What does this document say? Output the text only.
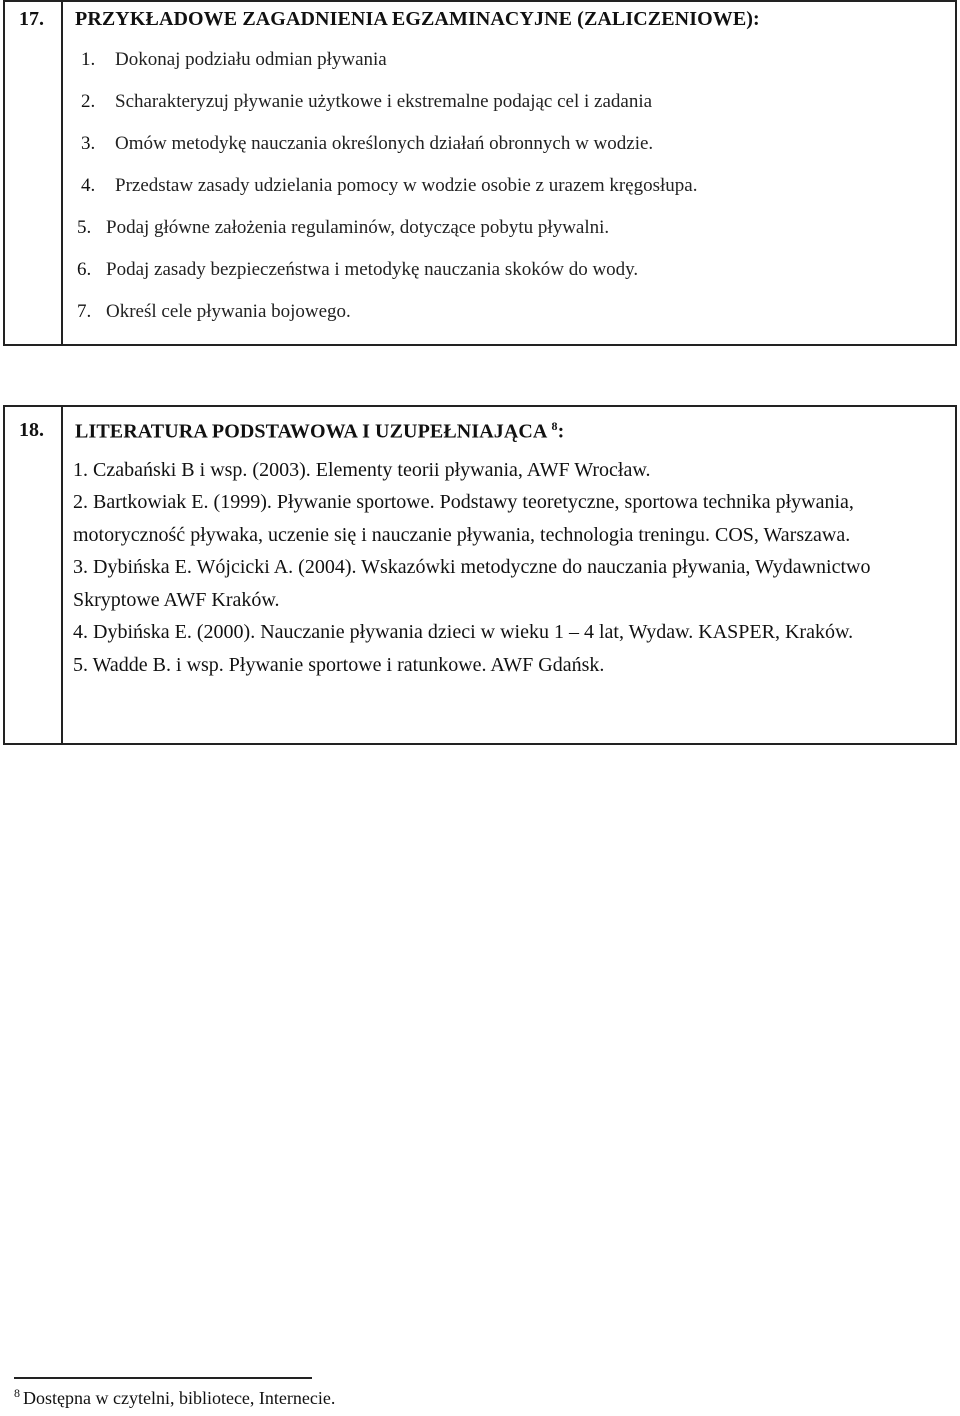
17.	PRZYKŁADOWE ZAGADNIENIA EGZAMINACYJNE (ZALICZENIOWE):
1. Dokonaj podziału odmian pływania
2. Scharakteryzuj pływanie użytkowe i ekstremalne podając cel i zadania
3. Omów metodykę nauczania określonych działań obronnych w wodzie.
4. Przedstaw zasady udzielania pomocy w wodzie osobie z urazem kręgosłupa.
5. Podaj główne założenia regulaminów, dotyczące pobytu pływalni.
6. Podaj zasady bezpieczeństwa i metodykę nauczania skoków do wody.
7. Określ cele pływania bojowego.
18.	LITERATURA PODSTAWOWA I UZUPEŁNIAJĄCA $^8$:
1. Czabański B i wsp. (2003). Elementy teorii pływania, AWF Wrocław.
2. Bartkowiak E. (1999). Pływanie sportowe. Podstawy teoretyczne, sportowa technika pływania, motoryczność pływaka, uczenie się i nauczanie pływania, technologia treningu. COS, Warszawa.
3. Dybińska E. Wójcicki A. (2004). Wskazówki metodyczne do nauczania pływania, Wydawnictwo Skryptowe AWF Kraków.
4. Dybińska E. (2000). Nauczanie pływania dzieci w wieku 1 – 4 lat, Wydaw. KASPER, Kraków.
5. Wadde B. i wsp. Pływanie sportowe i ratunkowe. AWF Gdańsk.
$^8$ Dostępna w czytelni, bibliotece, Internecie.
